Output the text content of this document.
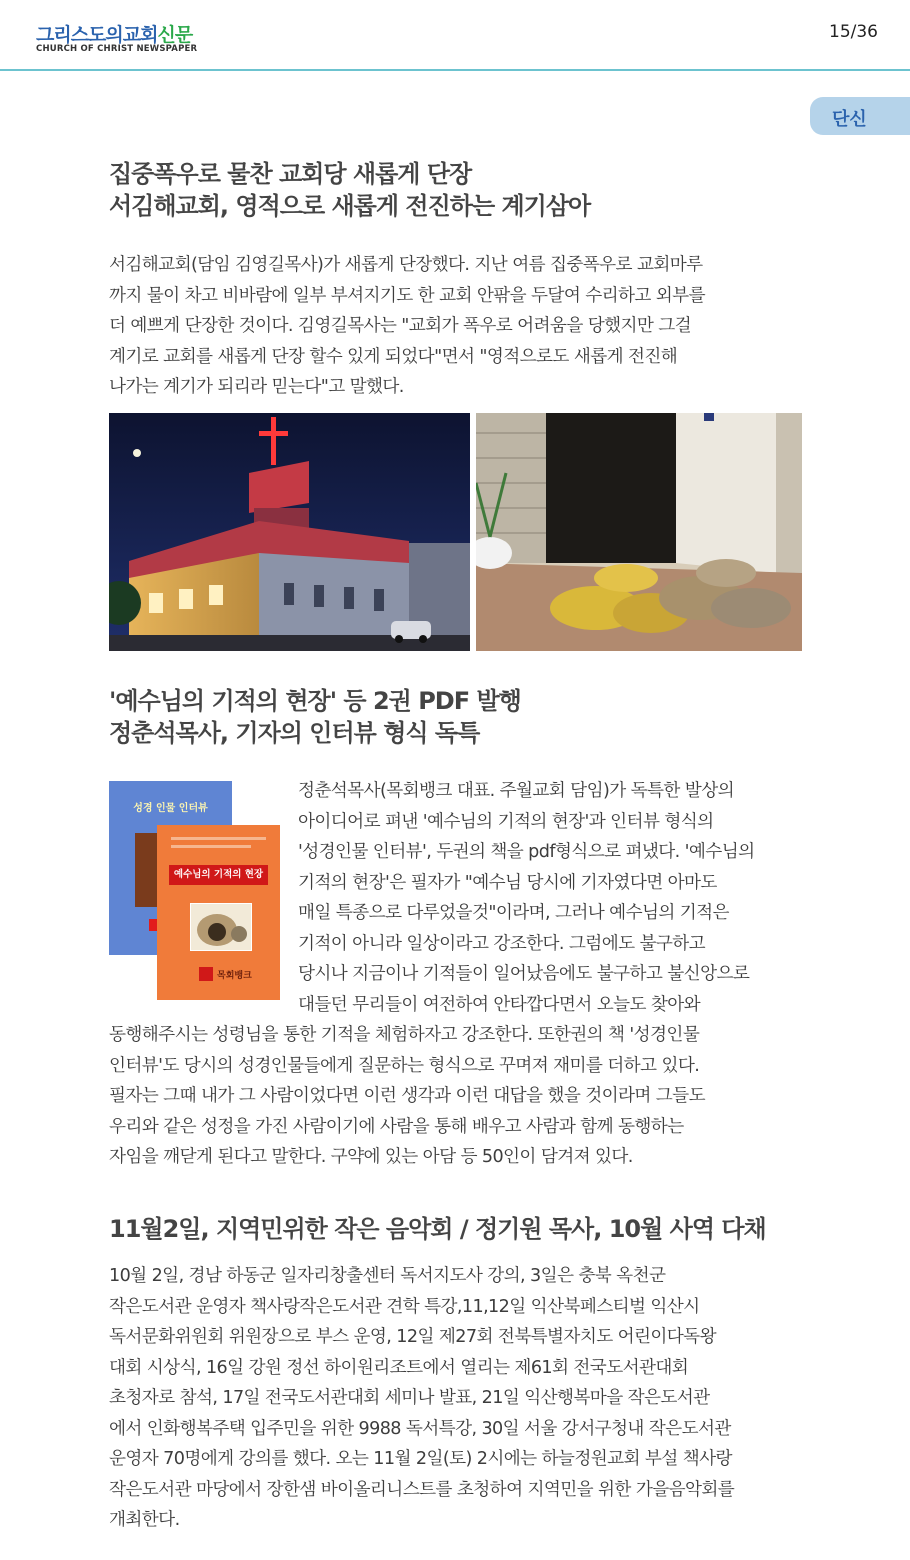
그리스도의교회신문
CHURCH OF CHRIST NEWSPAPER
15/36
단신
집중폭우로 물찬 교회당 새롭게 단장
서김해교회, 영적으로 새롭게 전진하는 계기삼아
서김해교회(담임 김영길목사)가 새롭게 단장했다. 지난 여름 집중폭우로 교회마루
까지 물이 차고 비바람에 일부 부셔지기도 한 교회 안팎을 두달여 수리하고 외부를
더 예쁘게 단장한 것이다. 김영길목사는 "교회가 폭우로 어려움을 당했지만 그걸
계기로 교회를 새롭게 단장 할수 있게 되었다"면서 "영적으로도 새롭게 전진해
나가는 계기가 되리라 믿는다"고 말했다.
'예수님의 기적의 현장' 등 2권 PDF 발행
정춘석목사, 기자의 인터뷰 형식 독특
성경 인물 인터뷰
예수님의 기적의 현장
목회뱅크
정춘석목사(목회뱅크 대표. 주월교회 담임)가 독특한 발상의
아이디어로 펴낸 '예수님의 기적의 현장'과 인터뷰 형식의
'성경인물 인터뷰', 두권의 책을 pdf형식으로 펴냈다. '예수님의
기적의 현장'은 필자가 "예수님 당시에 기자였다면 아마도
매일 특종으로 다루었을것"이라며, 그러나 예수님의 기적은
기적이 아니라 일상이라고 강조한다. 그럼에도 불구하고
당시나 지금이나 기적들이 일어났음에도 불구하고 불신앙으로
대들던 무리들이 여전하여 안타깝다면서 오늘도 찾아와
동행해주시는 성령님을 통한 기적을 체험하자고 강조한다. 또한권의 책 '성경인물
인터뷰'도 당시의 성경인물들에게 질문하는 형식으로 꾸며져 재미를 더하고 있다.
필자는 그때 내가 그 사람이었다면 이런 생각과 이런 대답을 했을 것이라며 그들도
우리와 같은 성정을 가진 사람이기에 사람을 통해 배우고 사람과 함께 동행하는
자임을 깨닫게 된다고 말한다. 구약에 있는 아담 등 50인이 담겨져 있다.
11월2일, 지역민위한 작은 음악회 / 정기원 목사, 10월 사역 다채
10월 2일, 경남 하동군 일자리창출센터 독서지도사 강의, 3일은 충북 옥천군
작은도서관 운영자 책사랑작은도서관 견학 특강,11,12일 익산북페스티벌 익산시
독서문화위원회 위원장으로 부스 운영, 12일 제27회 전북특별자치도 어린이다독왕
대회 시상식, 16일 강원 정선 하이원리조트에서 열리는 제61회 전국도서관대회
초청자로 참석, 17일 전국도서관대회 세미나 발표, 21일 익산행복마을 작은도서관
에서 인화행복주택 입주민을 위한 9988 독서특강, 30일 서울 강서구청내 작은도서관
운영자 70명에게 강의를 했다. 오는 11월 2일(토) 2시에는 하늘정원교회 부설 책사랑
작은도서관 마당에서 장한샘 바이올리니스트를 초청하여 지역민을 위한 가을음악회를
개최한다.
